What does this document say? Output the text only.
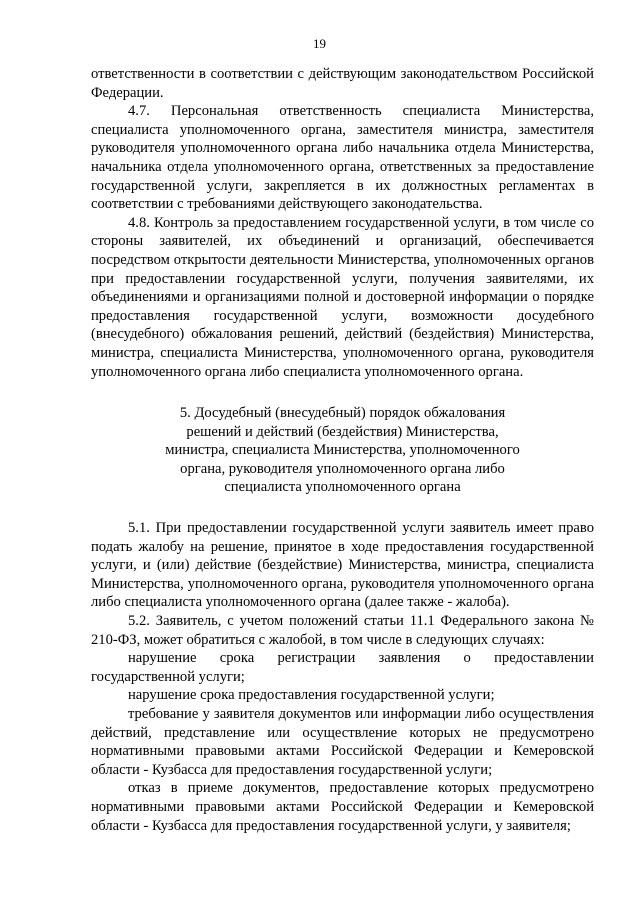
19

ответственности в соответствии с действующим законодательством Российской Федерации.

4.7. Персональная ответственность специалиста Министерства, специалиста уполномоченного органа, заместителя министра, заместителя руководителя уполномоченного органа либо начальника отдела Министерства, начальника отдела уполномоченного органа, ответственных за предоставление государственной услуги, закрепляется в их должностных регламентах в соответствии с требованиями действующего законодательства.

4.8. Контроль за предоставлением государственной услуги, в том числе со стороны заявителей, их объединений и организаций, обеспечивается посредством открытости деятельности Министерства, уполномоченных органов при предоставлении государственной услуги, получения заявителями, их объединениями и организациями полной и достоверной информации о порядке предоставления государственной услуги, возможности досудебного (внесудебного) обжалования решений, действий (бездействия) Министерства, министра, специалиста Министерства, уполномоченного органа, руководителя уполномоченного органа либо специалиста уполномоченного органа.

5. Досудебный (внесудебный) порядок обжалования
решений и действий (бездействия) Министерства,
министра, специалиста Министерства, уполномоченного
органа, руководителя уполномоченного органа либо
специалиста уполномоченного органа

5.1. При предоставлении государственной услуги заявитель имеет право подать жалобу на решение, принятое в ходе предоставления государственной услуги, и (или) действие (бездействие) Министерства, министра, специалиста Министерства, уполномоченного органа, руководителя уполномоченного органа либо специалиста уполномоченного органа (далее также - жалоба).

5.2. Заявитель, с учетом положений статьи 11.1 Федерального закона № 210-ФЗ, может обратиться с жалобой, в том числе в следующих случаях:

нарушение срока регистрации заявления о предоставлении государственной услуги;

нарушение срока предоставления государственной услуги;

требование у заявителя документов или информации либо осуществления действий, представление или осуществление которых не предусмотрено нормативными правовыми актами Российской Федерации и Кемеровской области - Кузбасса для предоставления государственной услуги;

отказ в приеме документов, предоставление которых предусмотрено нормативными правовыми актами Российской Федерации и Кемеровской области - Кузбасса для предоставления государственной услуги, у заявителя;
